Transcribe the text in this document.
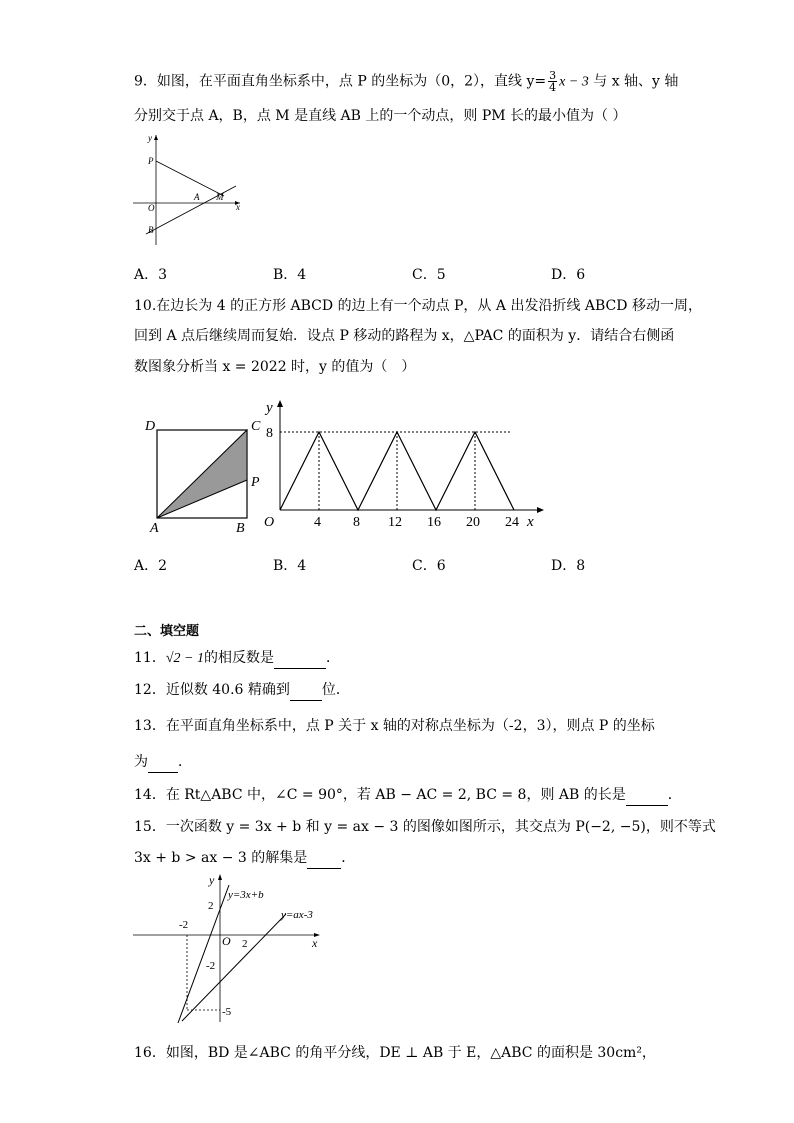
9．如图，在平面直角坐标系中，点 P 的坐标为（0，2），直线 $y= \frac{3}{4}$ x − 3 与 x 轴、y 轴
分别交于点 A，B，点 M 是直线 AB 上的一个动点，则 PM 长的最小值为（ ）
y
x
P
O
A M
B
A．3	B．4	C．5	D．6
10.在边长为 4 的正方形 ABCD 的边上有一个动点 P，从 A 出发沿折线 ABCD 移动一周，
回到 A 点后继续周而复始．设点 P 移动的路程为 x，△PAC 的面积为 y．请结合右侧函
数图象分析当 x = 2022 时，y 的值为（　）
D	C
P
A	B
y
8
O	4 8 12 16 20 24 x
A．2	B．4	C．6	D．8
二、填空题
11．√2 − 1的相反数是	．
12．近似数 40.6 精确到 位．
13．在平面直角坐标系中，点 P 关于 x 轴的对称点坐标为（-2，3），则点 P 的坐标
为 ．
14．在 Rt△ABC 中，∠C = 90°，若 AB − AC = 2, BC = 8，则 AB 的长是	．
15．一次函数 y = 3x + b 和 y = ax − 3 的图像如图所示，其交点为 P(−2, −5)，则不等式
3x + b > ax − 3 的解集是 ．
y
x
O
y=3x+b
y=ax-3
-2
2
2
-2
-5
16．如图，BD 是∠ABC 的角平分线，DE ⊥ AB 于 E，△ABC 的面积是 30cm²，
